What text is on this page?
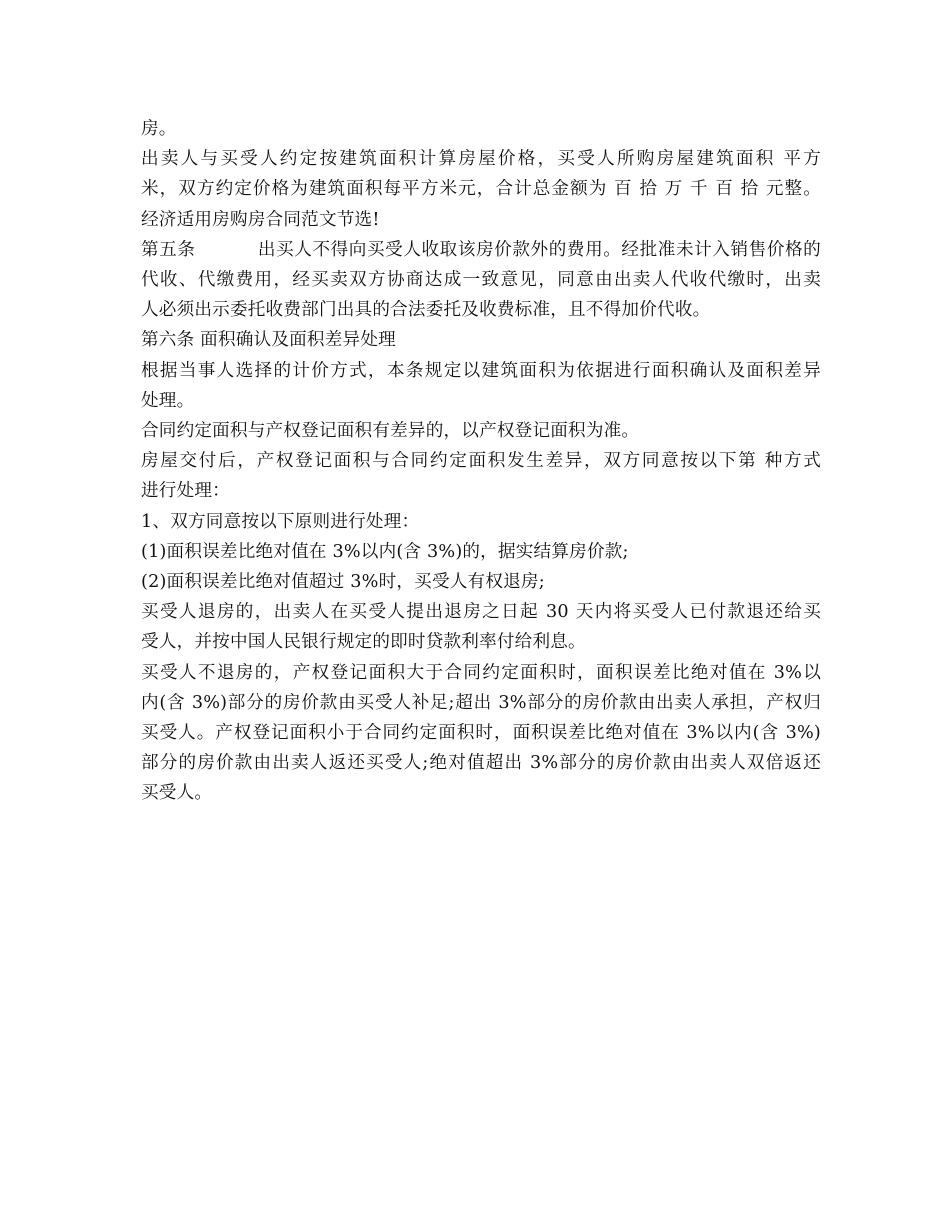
房。
出卖人与买受人约定按建筑面积计算房屋价格，买受人所购房屋建筑面积 平方
米，双方约定价格为建筑面积每平方米元，合计总金额为 百 拾 万 千 百 拾 元整。
经济适用房购房合同范文节选!
第五条	出买人不得向买受人收取该房价款外的费用。经批准未计入销售价格的
代收、代缴费用，经买卖双方协商达成一致意见，同意由出卖人代收代缴时，出卖
人必须出示委托收费部门出具的合法委托及收费标准，且不得加价代收。
第六条 面积确认及面积差异处理
根据当事人选择的计价方式，本条规定以建筑面积为依据进行面积确认及面积差异
处理。
合同约定面积与产权登记面积有差异的，以产权登记面积为准。
房屋交付后，产权登记面积与合同约定面积发生差异，双方同意按以下第 种方式
进行处理：
1、双方同意按以下原则进行处理：
(1)面积误差比绝对值在 3%以内(含 3%)的，据实结算房价款;
(2)面积误差比绝对值超过 3%时，买受人有权退房;
买受人退房的，出卖人在买受人提出退房之日起 30 天内将买受人已付款退还给买
受人，并按中国人民银行规定的即时贷款利率付给利息。
买受人不退房的，产权登记面积大于合同约定面积时，面积误差比绝对值在 3%以
内(含 3%)部分的房价款由买受人补足;超出 3%部分的房价款由出卖人承担，产权归
买受人。产权登记面积小于合同约定面积时，面积误差比绝对值在 3%以内(含 3%)
部分的房价款由出卖人返还买受人;绝对值超出 3%部分的房价款由出卖人双倍返还
买受人。
